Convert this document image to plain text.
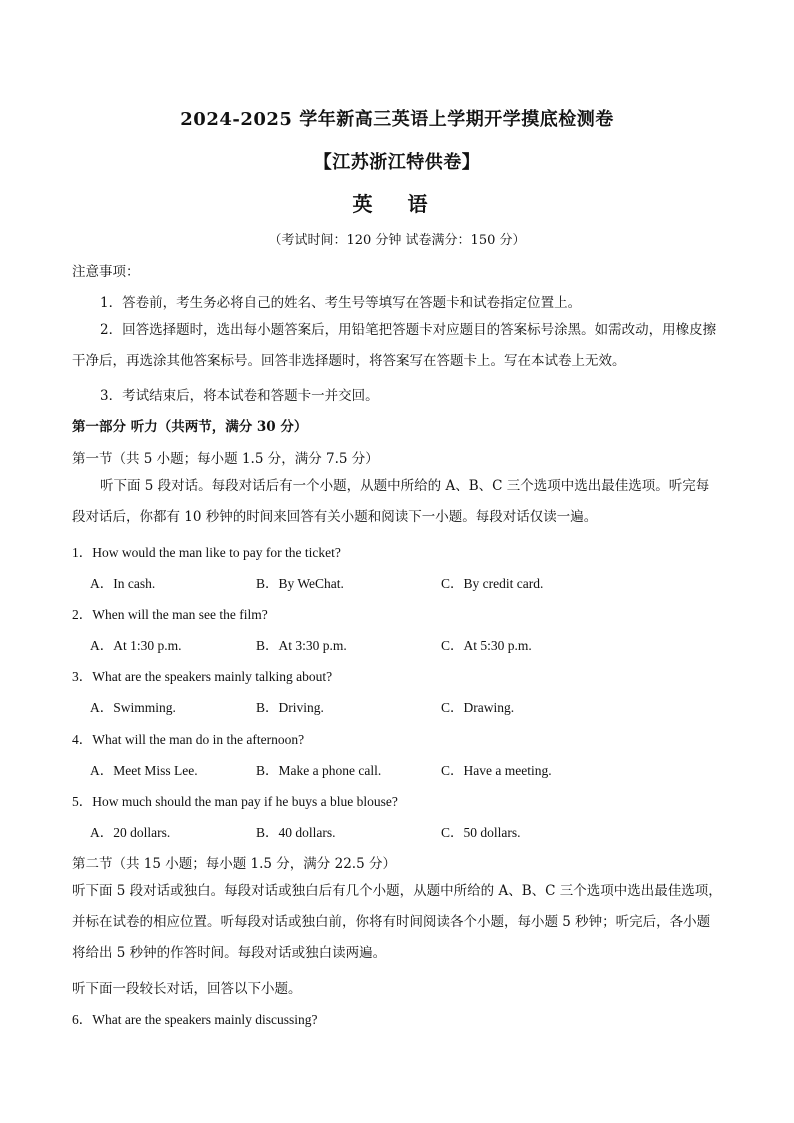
2024-2025 学年新高三英语上学期开学摸底检测卷
【江苏浙江特供卷】
英 语
（考试时间：120 分钟 试卷满分：150 分）
注意事项：
1．答卷前，考生务必将自己的姓名、考生号等填写在答题卡和试卷指定位置上。
2．回答选择题时，选出每小题答案后，用铅笔把答题卡对应题目的答案标号涂黑。如需改动，用橡皮擦干净后，再选涂其他答案标号。回答非选择题时，将答案写在答题卡上。写在本试卷上无效。
3．考试结束后，将本试卷和答题卡一并交回。
第一部分 听力（共两节，满分 30 分）
第一节（共 5 小题；每小题 1.5 分，满分 7.5 分）
听下面 5 段对话。每段对话后有一个小题，从题中所给的 A、B、C 三个选项中选出最佳选项。听完每段对话后，你都有 10 秒钟的时间来回答有关小题和阅读下一小题。每段对话仅读一遍。
1．How would the man like to pay for the ticket?
A．In cash.	B．By WeChat.	C．By credit card.
2．When will the man see the film?
A．At 1:30 p.m.	B．At 3:30 p.m.	C．At 5:30 p.m.
3．What are the speakers mainly talking about?
A．Swimming.	B．Driving.	C．Drawing.
4．What will the man do in the afternoon?
A．Meet Miss Lee.	B．Make a phone call.	C．Have a meeting.
5．How much should the man pay if he buys a blue blouse?
A．20 dollars.	B．40 dollars.	C．50 dollars.
第二节（共 15 小题；每小题 1.5 分，满分 22.5 分）
听下面 5 段对话或独白。每段对话或独白后有几个小题，从题中所给的 A、B、C 三个选项中选出最佳选项，并标在试卷的相应位置。听每段对话或独白前，你将有时间阅读各个小题，每小题 5 秒钟；听完后，各小题将给出 5 秒钟的作答时间。每段对话或独白读两遍。
听下面一段较长对话，回答以下小题。
6．What are the speakers mainly discussing?
